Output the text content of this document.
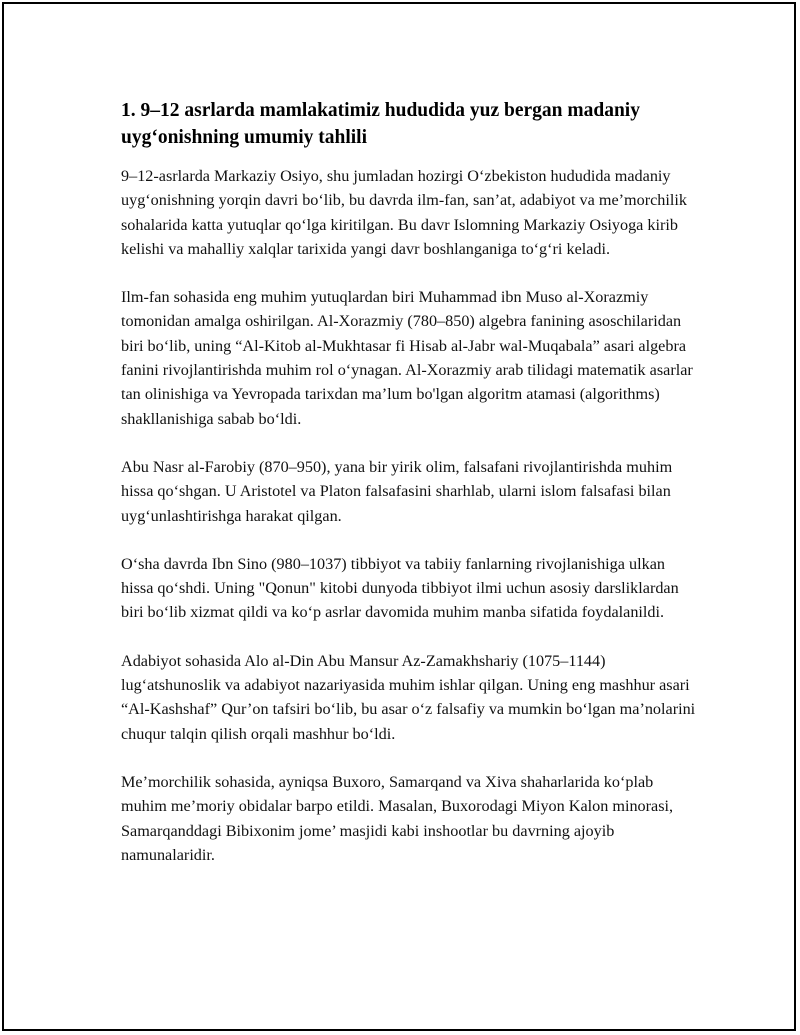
1. 9–12 asrlarda mamlakatimiz hududida yuz bergan madaniy uyg‘onishning umumiy tahlili

9–12-asrlarda Markaziy Osiyo, shu jumladan hozirgi O‘zbekiston hududida madaniy uyg‘onishning yorqin davri bo‘lib, bu davrda ilm-fan, san’at, adabiyot va me’morchilik sohalarida katta yutuqlar qo‘lga kiritilgan. Bu davr Islomning Markaziy Osiyoga kirib kelishi va mahalliy xalqlar tarixida yangi davr boshlanganiga to‘g‘ri keladi.

Ilm-fan sohasida eng muhim yutuqlardan biri Muhammad ibn Muso al-Xorazmiy tomonidan amalga oshirilgan. Al-Xorazmiy (780–850) algebra fanining asoschilaridan biri bo‘lib, uning “Al-Kitob al-Mukhtasar fi Hisab al-Jabr wal-Muqabala” asari algebra fanini rivojlantirishda muhim rol o‘ynagan. Al-Xorazmiy arab tilidagi matematik asarlar tan olinishiga va Yevropada tarixdan ma’lum bo'lgan algoritm atamasi (algorithms) shakllanishiga sabab bo‘ldi.

Abu Nasr al-Farobiy (870–950), yana bir yirik olim, falsafani rivojlantirishda muhim hissa qo‘shgan. U Aristotel va Platon falsafasini sharhlab, ularni islom falsafasi bilan uyg‘unlashtirishga harakat qilgan.

O‘sha davrda Ibn Sino (980–1037) tibbiyot va tabiiy fanlarning rivojlanishiga ulkan hissa qo‘shdi. Uning "Qonun" kitobi dunyoda tibbiyot ilmi uchun asosiy darsliklardan biri bo‘lib xizmat qildi va ko‘p asrlar davomida muhim manba sifatida foydalanildi.

Adabiyot sohasida Alo al-Din Abu Mansur Az-Zamakhshariy (1075–1144) lug‘atshunoslik va adabiyot nazariyasida muhim ishlar qilgan. Uning eng mashhur asari “Al-Kashshaf” Qur’on tafsiri bo‘lib, bu asar o‘z falsafiy va mumkin bo‘lgan ma’nolarini chuqur talqin qilish orqali mashhur bo‘ldi.

Me’morchilik sohasida, ayniqsa Buxoro, Samarqand va Xiva shaharlarida ko‘plab muhim me’moriy obidalar barpo etildi. Masalan, Buxorodagi Miyon Kalon minorasi, Samarqanddagi Bibixonim jome’ masjidi kabi inshootlar bu davrning ajoyib namunalaridir.
